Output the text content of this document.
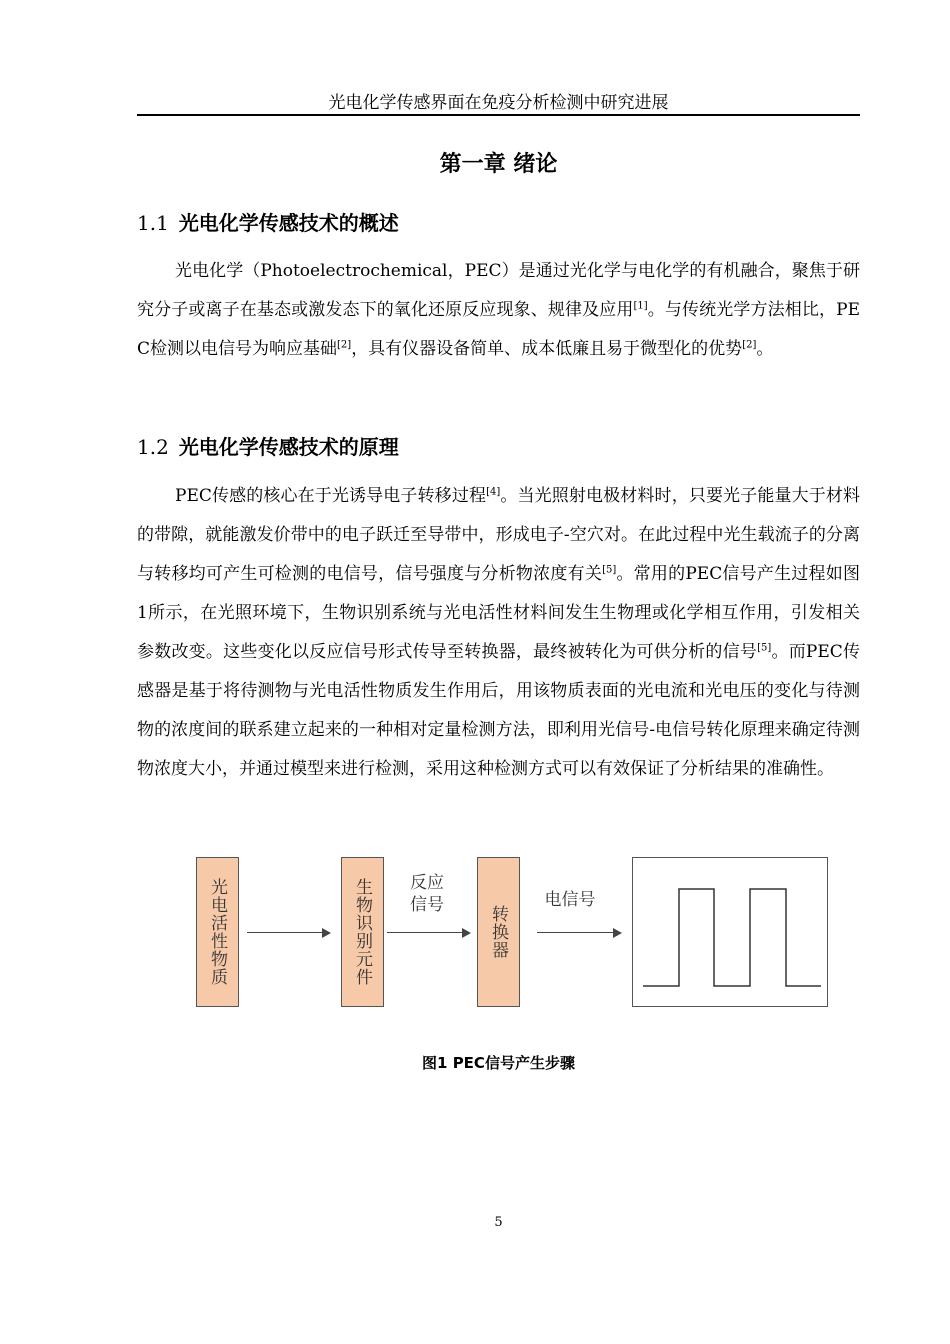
光电化学传感界面在免疫分析检测中研究进展
第一章 绪论
1.1 光电化学传感技术的概述

光电化学（Photoelectrochemical，PEC）是通过光化学与电化学的有机融合，聚焦于研究分子或离子在基态或激发态下的氧化还原反应现象、规律及应用[1]。与传统光学方法相比，PEC检测以电信号为响应基础[2]，具有仪器设备简单、成本低廉且易于微型化的优势[2]。

1.2 光电化学传感技术的原理

PEC传感的核心在于光诱导电子转移过程[4]。当光照射电极材料时，只要光子能量大于材料的带隙，就能激发价带中的电子跃迁至导带中，形成电子-空穴对。在此过程中光生载流子的分离与转移均可产生可检测的电信号，信号强度与分析物浓度有关[5]。常用的PEC信号产生过程如图1所示，在光照环境下，生物识别系统与光电活性材料间发生生物理或化学相互作用，引发相关参数改变。这些变化以反应信号形式传导至转换器，最终被转化为可供分析的信号[5]。而PEC传感器是基于将待测物与光电活性物质发生作用后，用该物质表面的光电流和光电压的变化与待测物的浓度间的联系建立起来的一种相对定量检测方法，即利用光信号-电信号转化原理来确定待测物浓度大小，并通过模型来进行检测，采用这种检测方式可以有效保证了分析结果的准确性。

光电活性物质	生物识别元件	反应
信号	转换器
电信号
图1 PEC信号产生步骤
5
